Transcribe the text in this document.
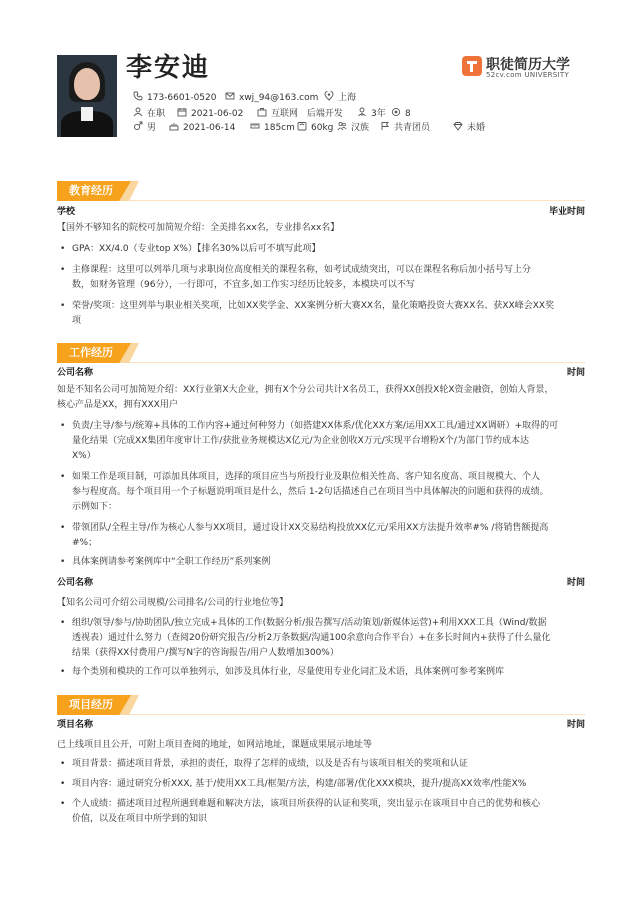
李安迪	职徒简历大学
52cv.com UNIVERSITY
173-6601-0520	xwj_94@163.com	上海
在职	2021-06-02	互联网 后端开发	3年	8
男	2021-06-14	185cm	60kg	汉族	共青团员	未婚
教育经历
学校	毕业时间
【国外不够知名的院校可加简短介绍：全美排名xx名，专业排名xx名】
• GPA：XX/4.0（专业top X%）【排名30%以后可不填写此项】
• 主修课程：这里可以列举几项与求职岗位高度相关的课程名称，如考试成绩突出，可以在课程名称后加小括号写上分
数，如财务管理（96分），一行即可，不宜多,如工作实习经历比较多，本模块可以不写
• 荣誉/奖项：这里列举与职业相关奖项，比如XX奖学金、XX案例分析大赛XX名，量化策略投资大赛XX名、获XX峰会XX奖
项
工作经历
公司名称	时间
如是不知名公司可加简短介绍：XX行业第X大企业，拥有X个分公司共计X名员工，获得XX创投X轮X资金融资，创始人背景，
核心产品是XX，拥有XXX用户
• 负责/主导/参与/统筹+具体的工作内容+通过何种努力（如搭建XX体系/优化XX方案/运用XX工具/通过XX调研）+取得的可
量化结果（完成XX集团年度审计工作/获批业务规模达X亿元/为企业创收X万元/实现平台增粉X个/为部门节约成本达
X%）
• 如果工作是项目制，可添加具体项目，选择的项目应当与所投行业及职位相关性高、客户知名度高、项目规模大、个人
参与程度高。每个项目用一个子标题说明项目是什么，然后 1-2句话描述自己在项目当中具体解决的问题和获得的成绩。
示例如下：
• 带领团队/全程主导/作为核心人参与XX项目，通过设计XX交易结构投放XX亿元/采用XX方法提升效率#% /将销售额提高
#%；
• 具体案例请参考案例库中“全职工作经历”系列案例
公司名称	时间
【知名公司可介绍公司规模/公司排名/公司的行业地位等】
• 组织/领导/参与/协助团队/独立完成+具体的工作(数据分析/报告撰写/活动策划/新媒体运营)+利用XXX工具（Wind/数据
透视表）通过什么努力（查阅20份研究报告/分析2万条数据/沟通100余意向合作平台）+在多长时间内+获得了什么量化
结果（获得XX付费用户/撰写N字的咨询报告/用户人数增加300%）
• 每个类别和模块的工作可以单独列示，如涉及具体行业，尽量使用专业化词汇及术语，具体案例可参考案例库
项目经历
项目名称	时间
已上线项目且公开，可附上项目查阅的地址，如网站地址，课题成果展示地址等
• 项目背景：描述项目背景，承担的责任，取得了怎样的成绩，以及是否有与该项目相关的奖项和认证
• 项目内容：通过研究分析XXX, 基于/使用XX工具/框架/方法，构建/部署/优化XXX模块，提升/提高XX效率/性能X%
• 个人成绩：描述项目过程所遇到难题和解决方法，该项目所获得的认证和奖项，突出显示在该项目中自己的优势和核心
价值，以及在项目中所学到的知识
